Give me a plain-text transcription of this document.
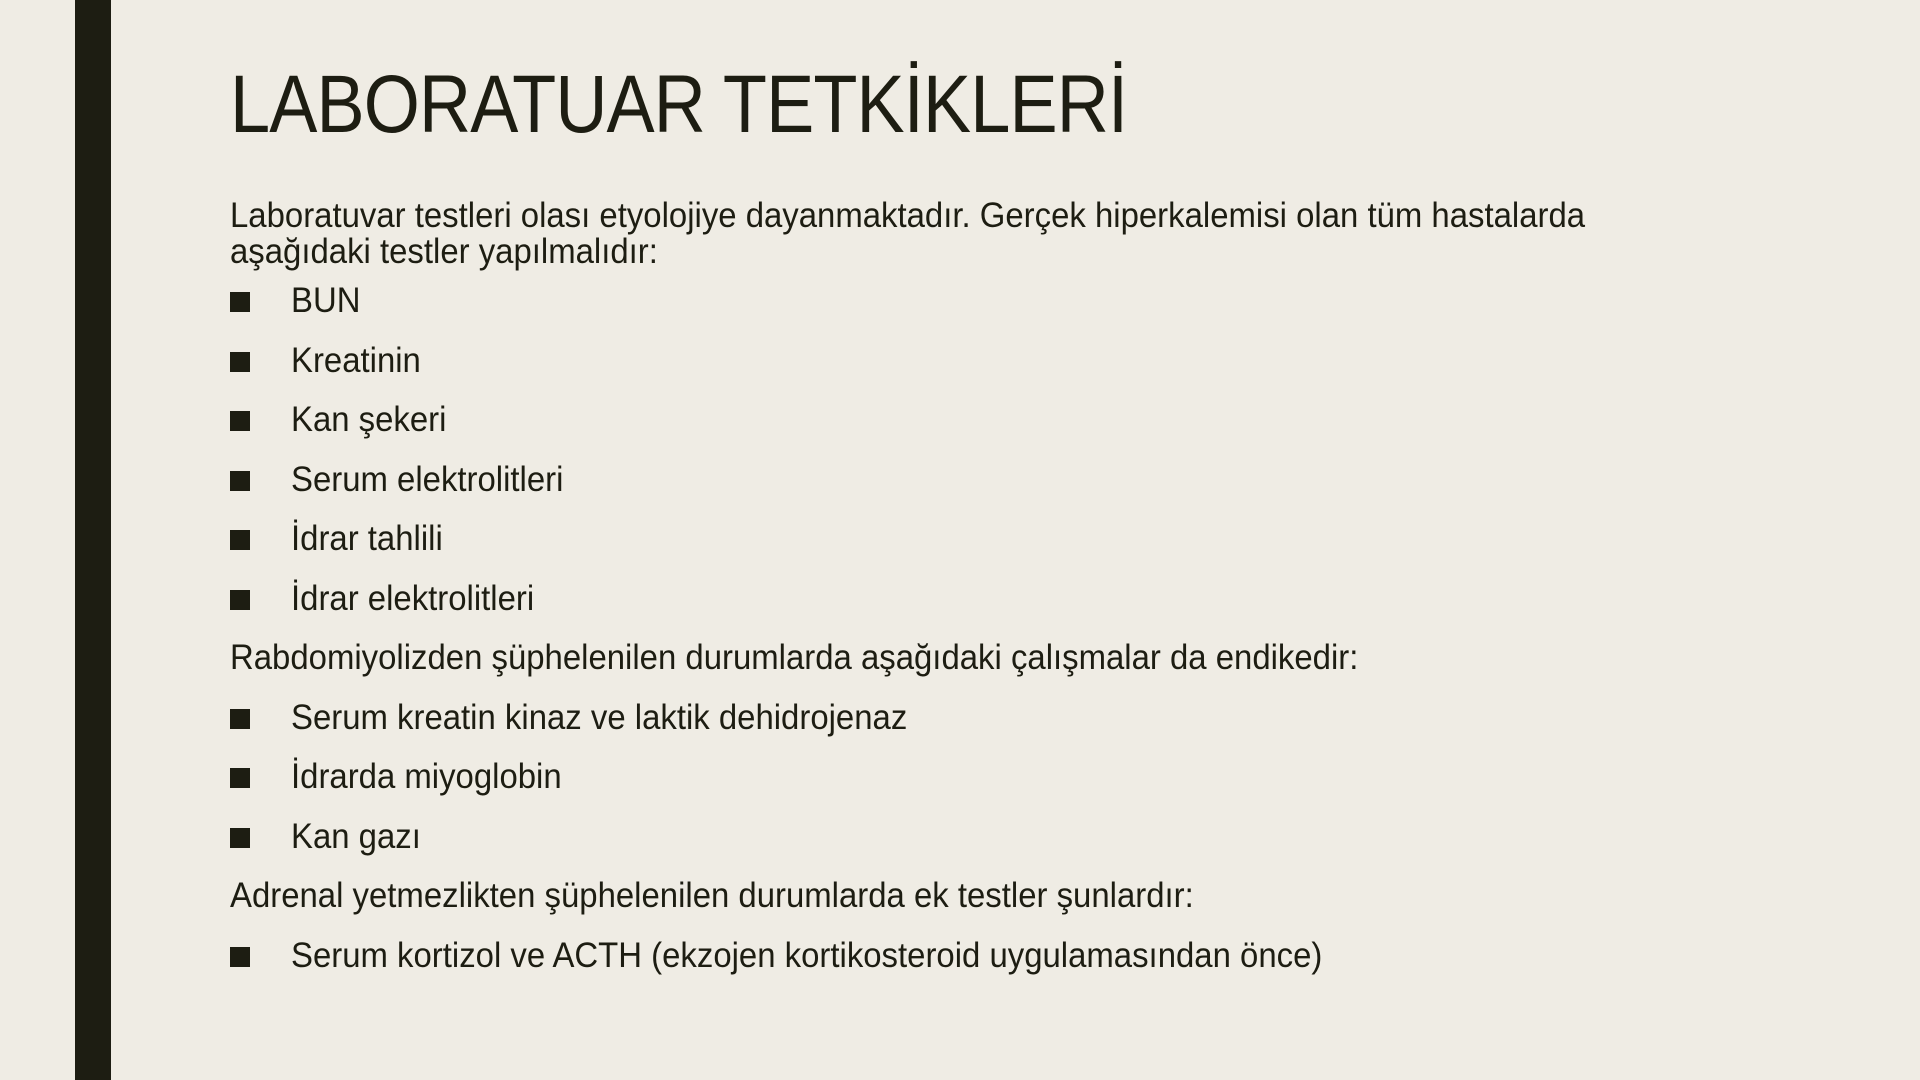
LABORATUAR TETKİKLERİ

Laboratuvar testleri olası etyolojiye dayanmaktadır. Gerçek hiperkalemisi olan tüm hastalarda aşağıdaki testler yapılmalıdır:

BUN
Kreatinin
Kan şekeri
Serum elektrolitleri
İdrar tahlili
İdrar elektrolitleri

Rabdomiyolizden şüphelenilen durumlarda aşağıdaki çalışmalar da endikedir:

Serum kreatin kinaz ve laktik dehidrojenaz
İdrarda miyoglobin
Kan gazı

Adrenal yetmezlikten şüphelenilen durumlarda ek testler şunlardır:

Serum kortizol ve ACTH (ekzojen kortikosteroid uygulamasından önce)
